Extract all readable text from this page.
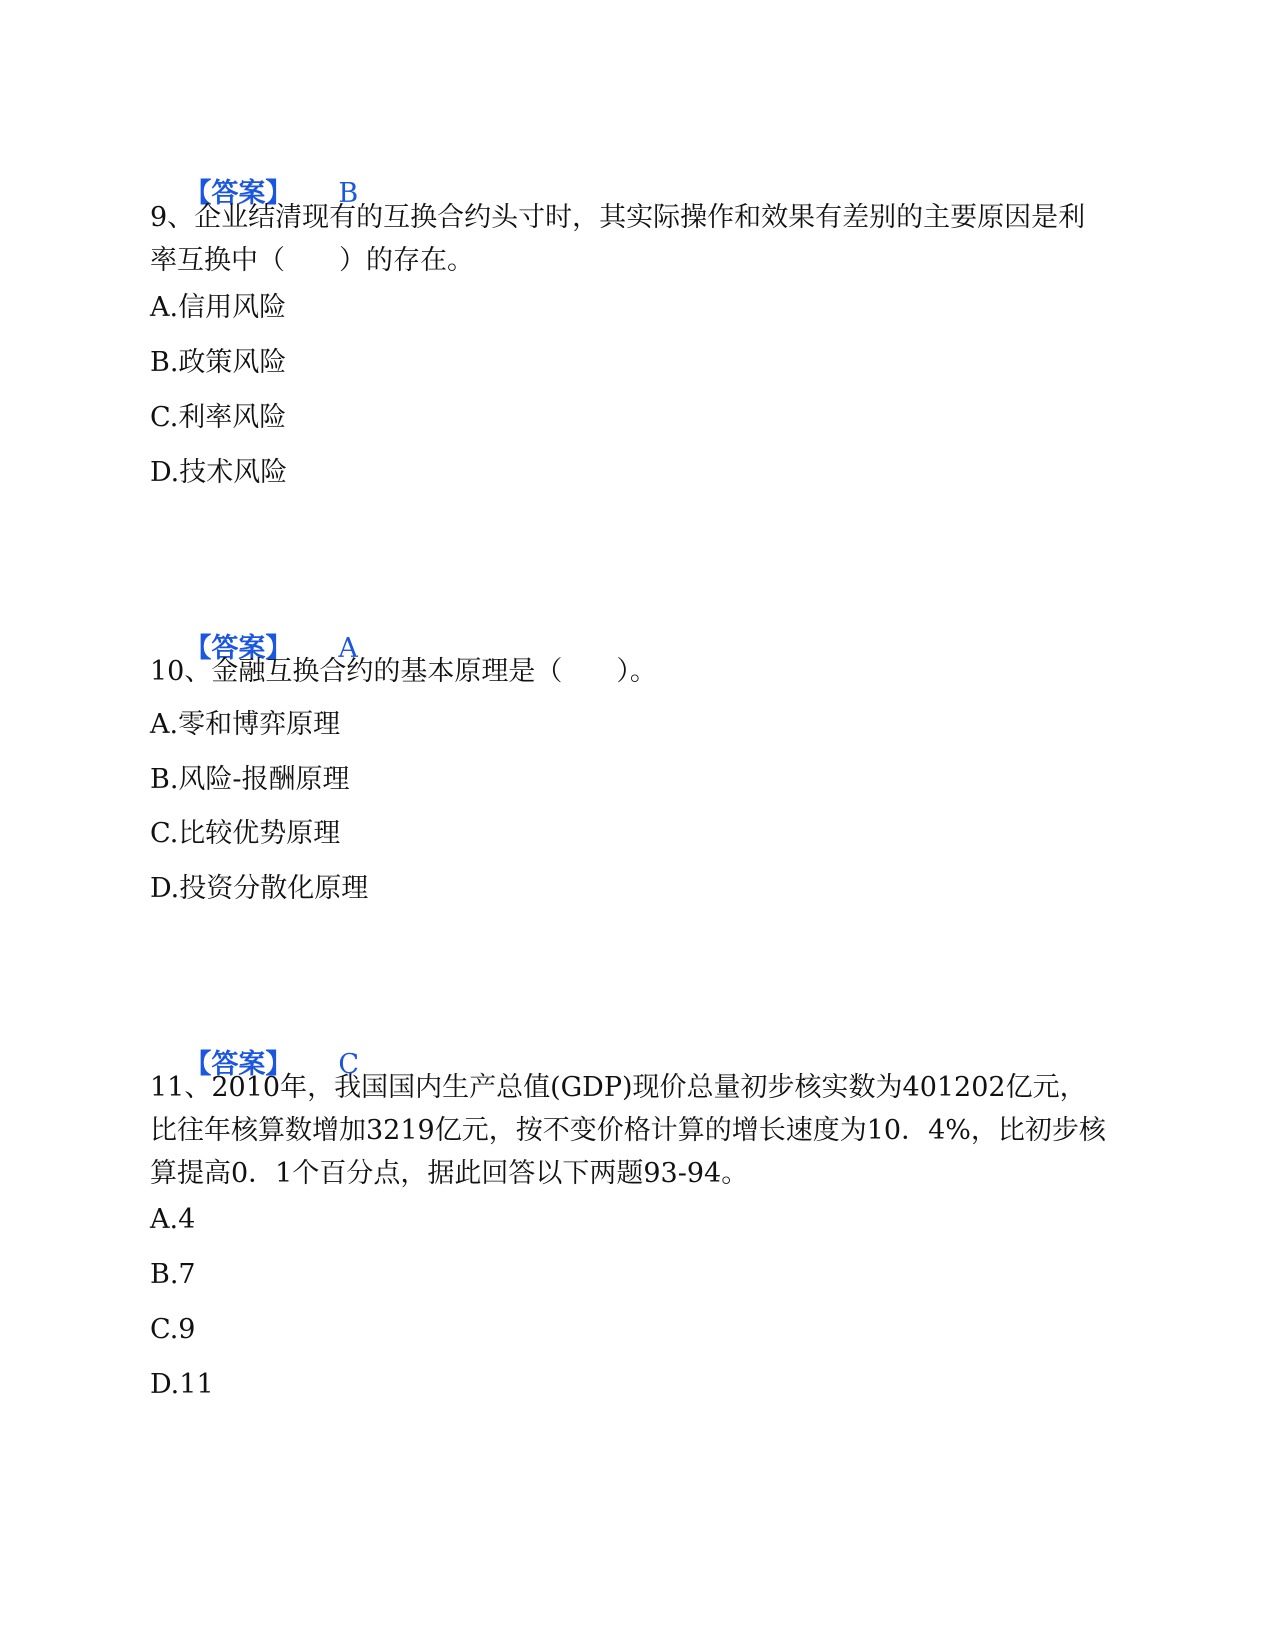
【答案】 B

9、企业结清现有的互换合约头寸时，其实际操作和效果有差别的主要原因是利率互换中（　　）的存在。
A.信用风险
B.政策风险
C.利率风险
D.技术风险

【答案】 A

10、金融互换合约的基本原理是（　　）。
A.零和博弈原理
B.风险-报酬原理
C.比较优势原理
D.投资分散化原理

【答案】 C

11、2010年，我国国内生产总值(GDP)现价总量初步核实数为401202亿元，比往年核算数增加3219亿元，按不变价格计算的增长速度为10．4%，比初步核算提高0．1个百分点，据此回答以下两题93-94。
A.4
B.7
C.9
D.11
